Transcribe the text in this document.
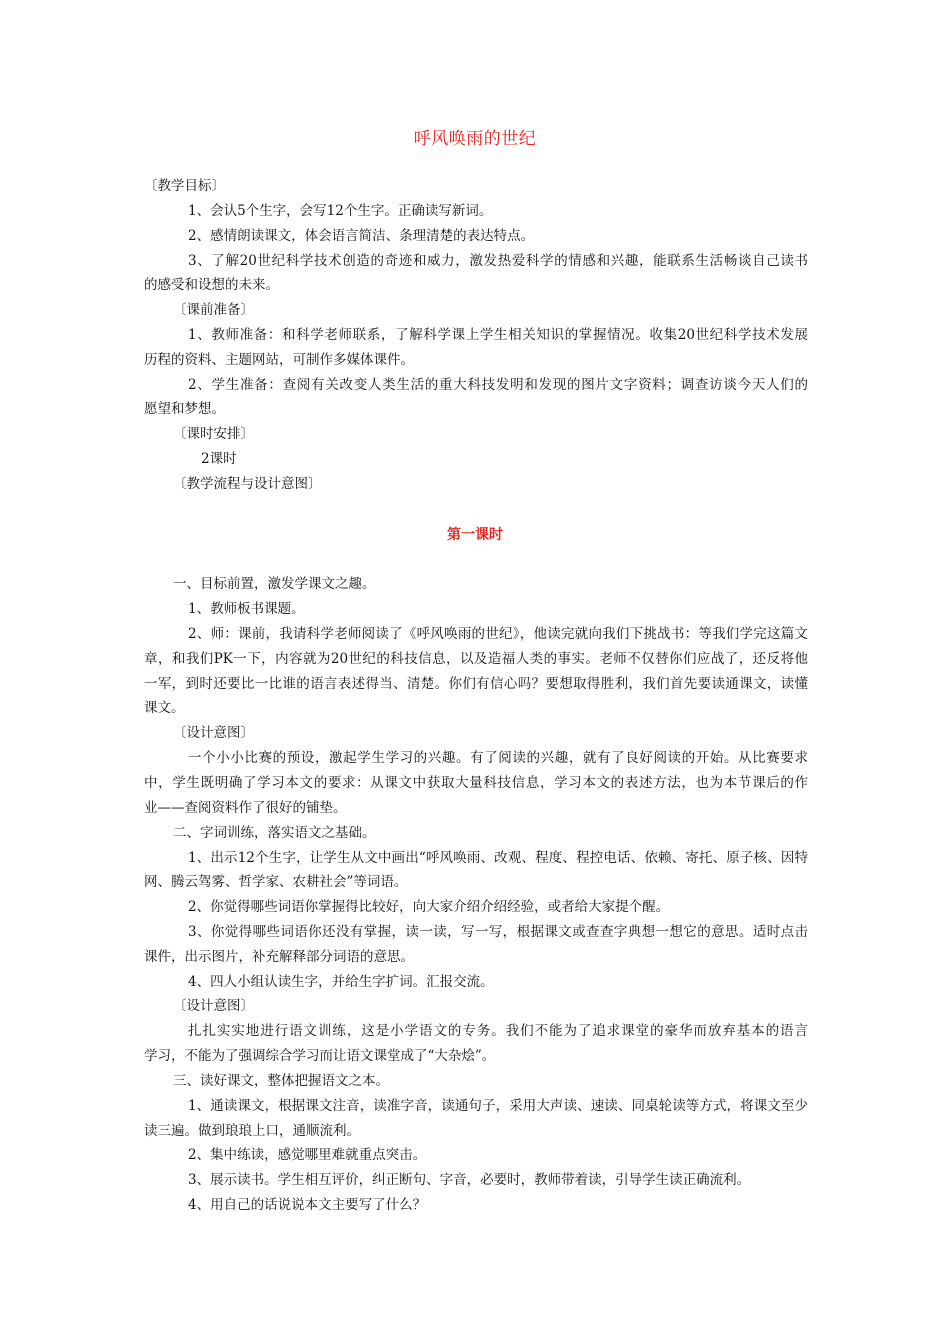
呼风唤雨的世纪
〔教学目标〕
1、会认5个生字，会写12个生字。正确读写新词。
2、感情朗读课文，体会语言简洁、条理清楚的表达特点。
3、了解20世纪科学技术创造的奇迹和威力，激发热爱科学的情感和兴趣，能联系生活畅谈自己读书
的感受和设想的未来。
〔课前准备〕
1、教师准备：和科学老师联系，了解科学课上学生相关知识的掌握情况。收集20世纪科学技术发展
历程的资料、主题网站，可制作多媒体课件。
2、学生准备：查阅有关改变人类生活的重大科技发明和发现的图片文字资料；调查访谈今天人们的
愿望和梦想。
〔课时安排〕
2课时
〔教学流程与设计意图〕
一、目标前置，激发学课文之趣。
1、教师板书课题。
2、师：课前，我请科学老师阅读了《呼风唤雨的世纪》，他读完就向我们下挑战书：等我们学完这篇文
章，和我们PK一下，内容就为20世纪的科技信息，以及造福人类的事实。老师不仅替你们应战了，还反将他
一军，到时还要比一比谁的语言表述得当、清楚。你们有信心吗？要想取得胜利，我们首先要读通课文，读懂
课文。
〔设计意图〕
一个小小比赛的预设，激起学生学习的兴趣。有了阅读的兴趣，就有了良好阅读的开始。从比赛要求
中，学生既明确了学习本文的要求：从课文中获取大量科技信息，学习本文的表述方法，也为本节课后的作
业——查阅资料作了很好的铺垫。
二、字词训练，落实语文之基础。
1、出示12个生字，让学生从文中画出“呼风唤雨、改观、程度、程控电话、依赖、寄托、原子核、因特
网、腾云驾雾、哲学家、农耕社会”等词语。
2、你觉得哪些词语你掌握得比较好，向大家介绍介绍经验，或者给大家提个醒。
3、你觉得哪些词语你还没有掌握，读一读，写一写，根据课文或查查字典想一想它的意思。适时点击
课件，出示图片，补充解释部分词语的意思。
4、四人小组认读生字，并给生字扩词。汇报交流。
〔设计意图〕
扎扎实实地进行语文训练，这是小学语文的专务。我们不能为了追求课堂的豪华而放弃基本的语言
学习，不能为了强调综合学习而让语文课堂成了“大杂烩”。
三、读好课文，整体把握语文之本。
1、通读课文，根据课文注音，读准字音，读通句子，采用大声读、速读、同桌轮读等方式，将课文至少
读三遍。做到琅琅上口，通顺流利。
2、集中练读，感觉哪里难就重点突击。
3、展示读书。学生相互评价，纠正断句、字音，必要时，教师带着读，引导学生读正确流利。
4、用自己的话说说本文主要写了什么？
第一课时
